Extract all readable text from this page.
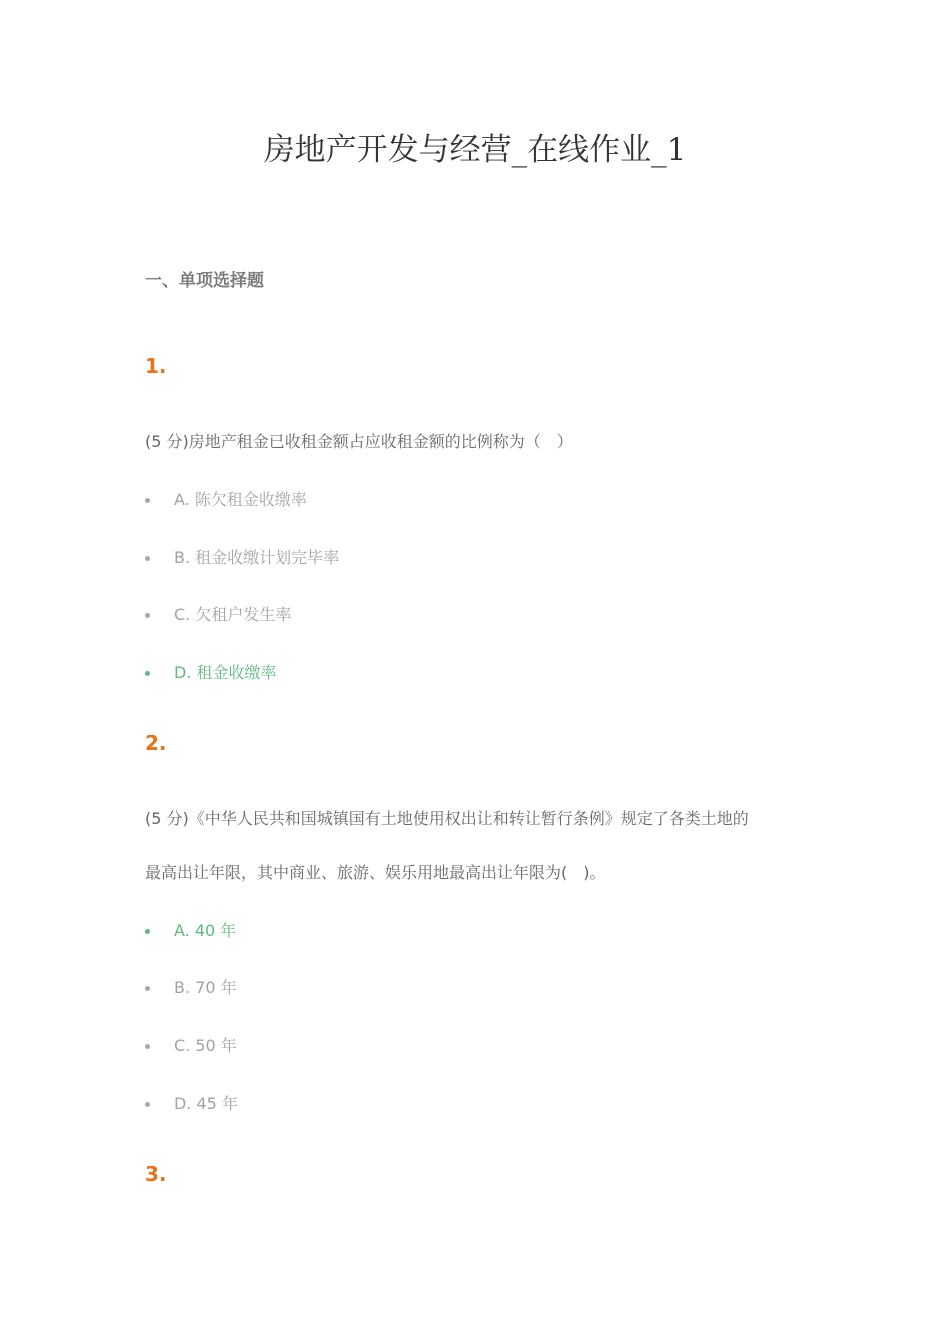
房地产开发与经营_在线作业_1
一、单项选择题
1.
(5 分)房地产租金已收租金额占应收租金额的比例称为（　）
A. 陈欠租金收缴率
B. 租金收缴计划完毕率
C. 欠租户发生率
D. 租金收缴率
2.
(5 分)《中华人民共和国城镇国有土地使用权出让和转让暂行条例》规定了各类土地的
最高出让年限，其中商业、旅游、娱乐用地最高出让年限为(　)。
A. 40 年
B. 70 年
C. 50 年
D. 45 年
3.
